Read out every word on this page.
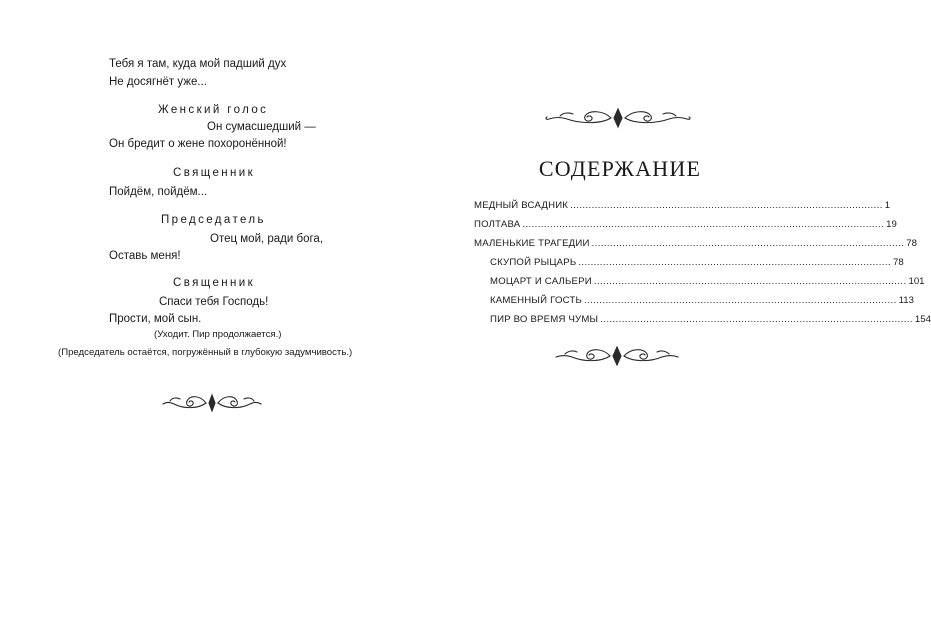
Тебя я там, куда мой падший дух
Не досягнёт уже...
Женский голос
Он сумасшедший —
Он бредит о жене похоронённой!
Священник
Пойдём, пойдём...
Председатель
Отец мой, ради бога,
Оставь меня!
Священник
Спаси тебя Господь!
Прости, мой сын.
(Уходит. Пир продолжается.)
(Председатель остаётся, погружённый в глубокую задумчивость.)
СОДЕРЖАНИЕ
МЕДНЫЙ ВСАДНИК ...................................................................................................... 1
ПОЛТАВА ...................................................................................................................... 19
МАЛЕНЬКИЕ ТРАГЕДИИ ...................................................................................................... 78
СКУПОЙ РЫЦАРЬ ...................................................................................................... 78
МОЦАРТ И САЛЬЕРИ ...................................................................................................... 101
КАМЕННЫЙ ГОСТЬ ...................................................................................................... 113
ПИР ВО ВРЕМЯ ЧУМЫ ...................................................................................................... 154
